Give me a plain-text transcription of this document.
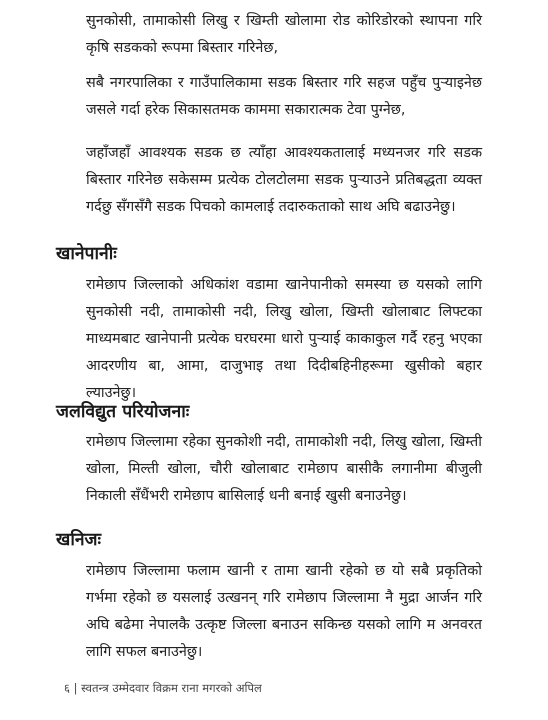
सुनकोसी, तामाकोसी लिखु र खिम्ती खोलामा रोड कोरिडोरको स्थापना गरि कृषि सडकको रूपमा बिस्तार गरिनेछ,

सबै नगरपालिका र गाउँपालिकामा सडक बिस्तार गरि सहज पहुँच पुऱ्याइनेछ जसले गर्दा हरेक सिकासतमक काममा सकारात्मक टेवा पुग्नेछ,

जहाँजहाँ आवश्यक सडक छ त्याँहा आवश्यकतालाई मध्यनजर गरि सडक बिस्तार गरिनेछ सकेसम्म प्रत्येक टोलटोलमा सडक पुऱ्याउने प्रतिबद्धता व्यक्त गर्दछु सँगसँगै सडक पिचको कामलाई तदारुकताको साथ अघि बढाउनेछु।

खानेपानीः

रामेछाप जिल्लाको अधिकांश वडामा खानेपानीको समस्या छ यसको लागि सुनकोसी नदी, तामाकोसी नदी, लिखु खोला, खिम्ती खोलाबाट लिफ्टका माध्यमबाट खानेपानी प्रत्येक घरघरमा धारो पुऱ्याई काकाकुल गर्दै रहनु भएका आदरणीय बा, आमा, दाजुभाइ तथा दिदीबहिनीहरूमा खुसीको बहार ल्याउनेछु।

जलविद्युत परियोजनाः

रामेछाप जिल्लामा रहेका सुनकोशी नदी, तामाकोशी नदी, लिखु खोला, खिम्ती खोला, मिल्ती खोला, चौरी खोलाबाट रामेछाप बासीकै लगानीमा बीजुली निकाली सँधैंभरी रामेछाप बासिलाई धनी बनाई खुसी बनाउनेछु।

खनिजः

रामेछाप जिल्लामा फलाम खानी र तामा खानी रहेको छ यो सबै प्रकृतिको गर्भमा रहेको छ यसलाई उत्खनन् गरि रामेछाप जिल्लामा नै मुद्रा आर्जन गरि अघि बढेमा नेपालकै उत्कृष्ट जिल्ला बनाउन सकिन्छ यसको लागि म अनवरत लागि सफल बनाउनेछु।

६ | स्वतन्त्र उम्मेदवार विक्रम राना मगरको अपिल
